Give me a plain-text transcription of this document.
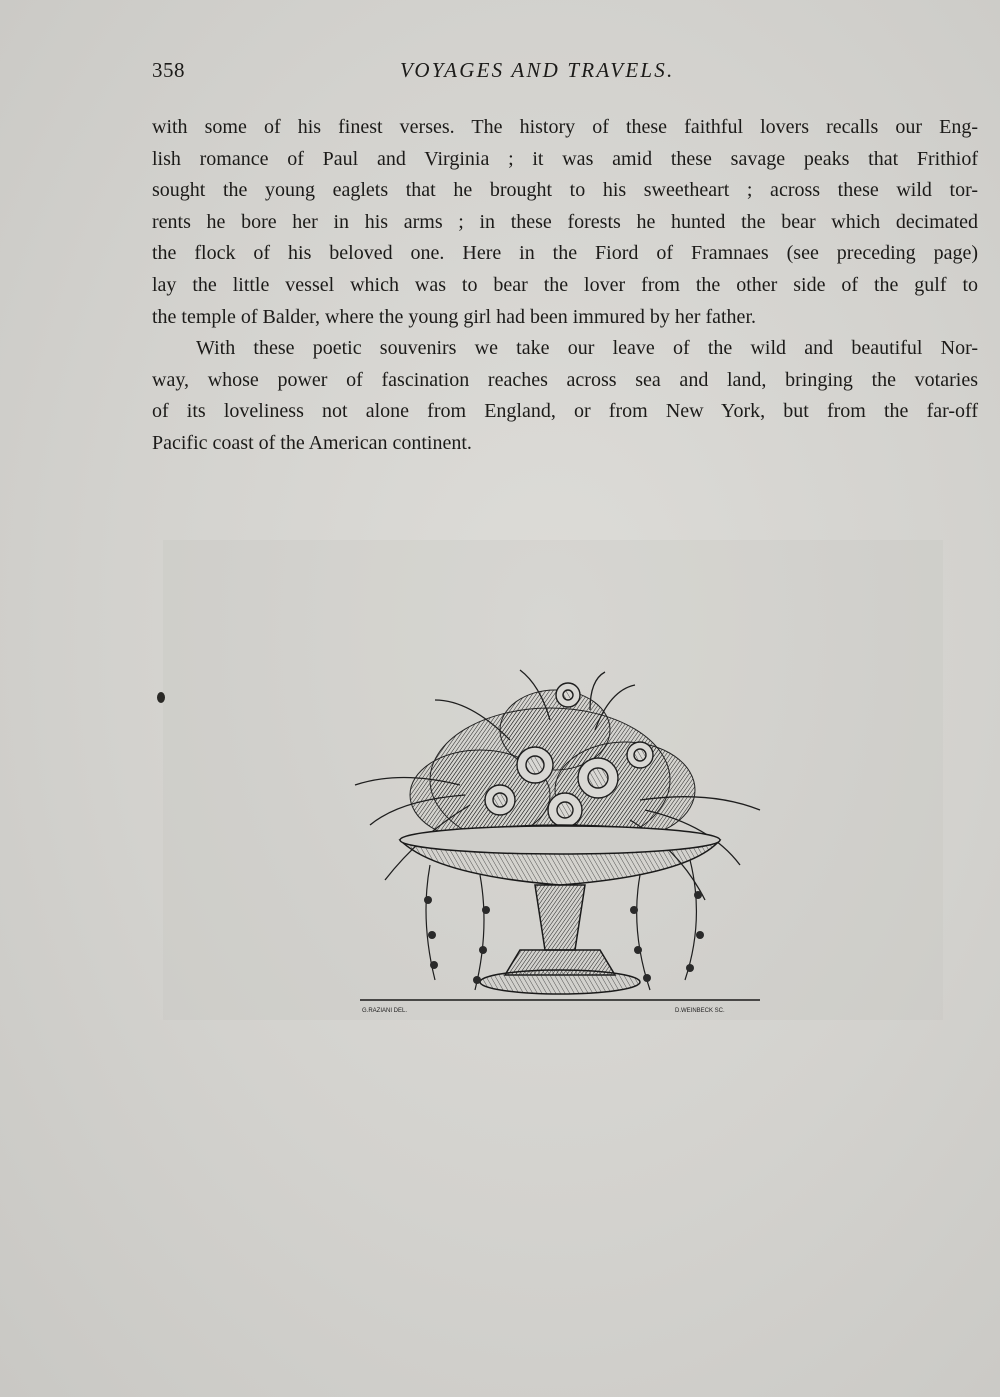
358	VOYAGES AND TRAVELS.
with some of his finest verses. The history of these faithful lovers recalls our Eng-
lish romance of Paul and Virginia ; it was amid these savage peaks that Frithiof
sought the young eaglets that he brought to his sweetheart ; across these wild tor-
rents he bore her in his arms ; in these forests he hunted the bear which decimated
the flock of his beloved one. Here in the Fiord of Framnaes (see preceding page)
lay the little vessel which was to bear the lover from the other side of the gulf to
the temple of Balder, where the young girl had been immured by her father.
With these poetic souvenirs we take our leave of the wild and beautiful Nor-
way, whose power of fascination reaches across sea and land, bringing the votaries
of its loveliness not alone from England, or from New York, but from the far-off
Pacific coast of the American continent.
G.RAZIANI DEL.	D.WEINBECK SC.
